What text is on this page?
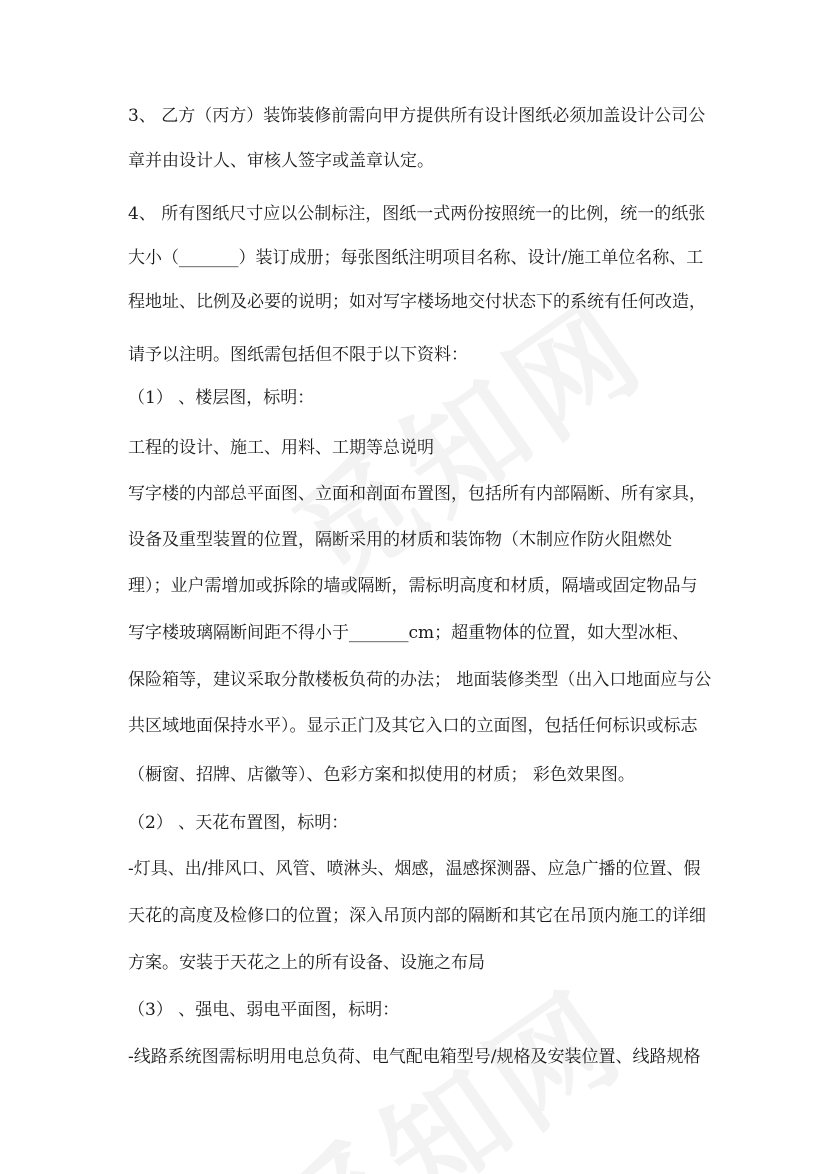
3、 乙方（丙方）装饰装修前需向甲方提供所有设计图纸必须加盖设计公司公
章并由设计人、审核人签字或盖章认定。
4、 所有图纸尺寸应以公制标注，图纸一式两份按照统一的比例，统一的纸张
大小（_______）装订成册；每张图纸注明项目名称、设计/施工单位名称、工
程地址、比例及必要的说明；如对写字楼场地交付状态下的系统有任何改造，
请予以注明。图纸需包括但不限于以下资料：
（1） 、楼层图，标明：
工程的设计、施工、用料、工期等总说明
写字楼的内部总平面图、立面和剖面布置图，包括所有内部隔断、所有家具，
设备及重型装置的位置，隔断采用的材质和装饰物（木制应作防火阻燃处
理）；业户需增加或拆除的墙或隔断，需标明高度和材质，隔墙或固定物品与
写字楼玻璃隔断间距不得小于_______cm；超重物体的位置，如大型冰柜、
保险箱等，建议采取分散楼板负荷的办法； 地面装修类型（出入口地面应与公
共区域地面保持水平）。显示正门及其它入口的立面图，包括任何标识或标志
（橱窗、招牌、店徽等）、色彩方案和拟使用的材质； 彩色效果图。
（2） 、天花布置图，标明：
-灯具、出/排风口、风管、喷淋头、烟感，温感探测器、应急广播的位置、假
天花的高度及检修口的位置；深入吊顶内部的隔断和其它在吊顶内施工的详细
方案。安装于天花之上的所有设备、设施之布局
（3） 、强电、弱电平面图，标明：
-线路系统图需标明用电总负荷、电气配电箱型号/规格及安装位置、线路规格
